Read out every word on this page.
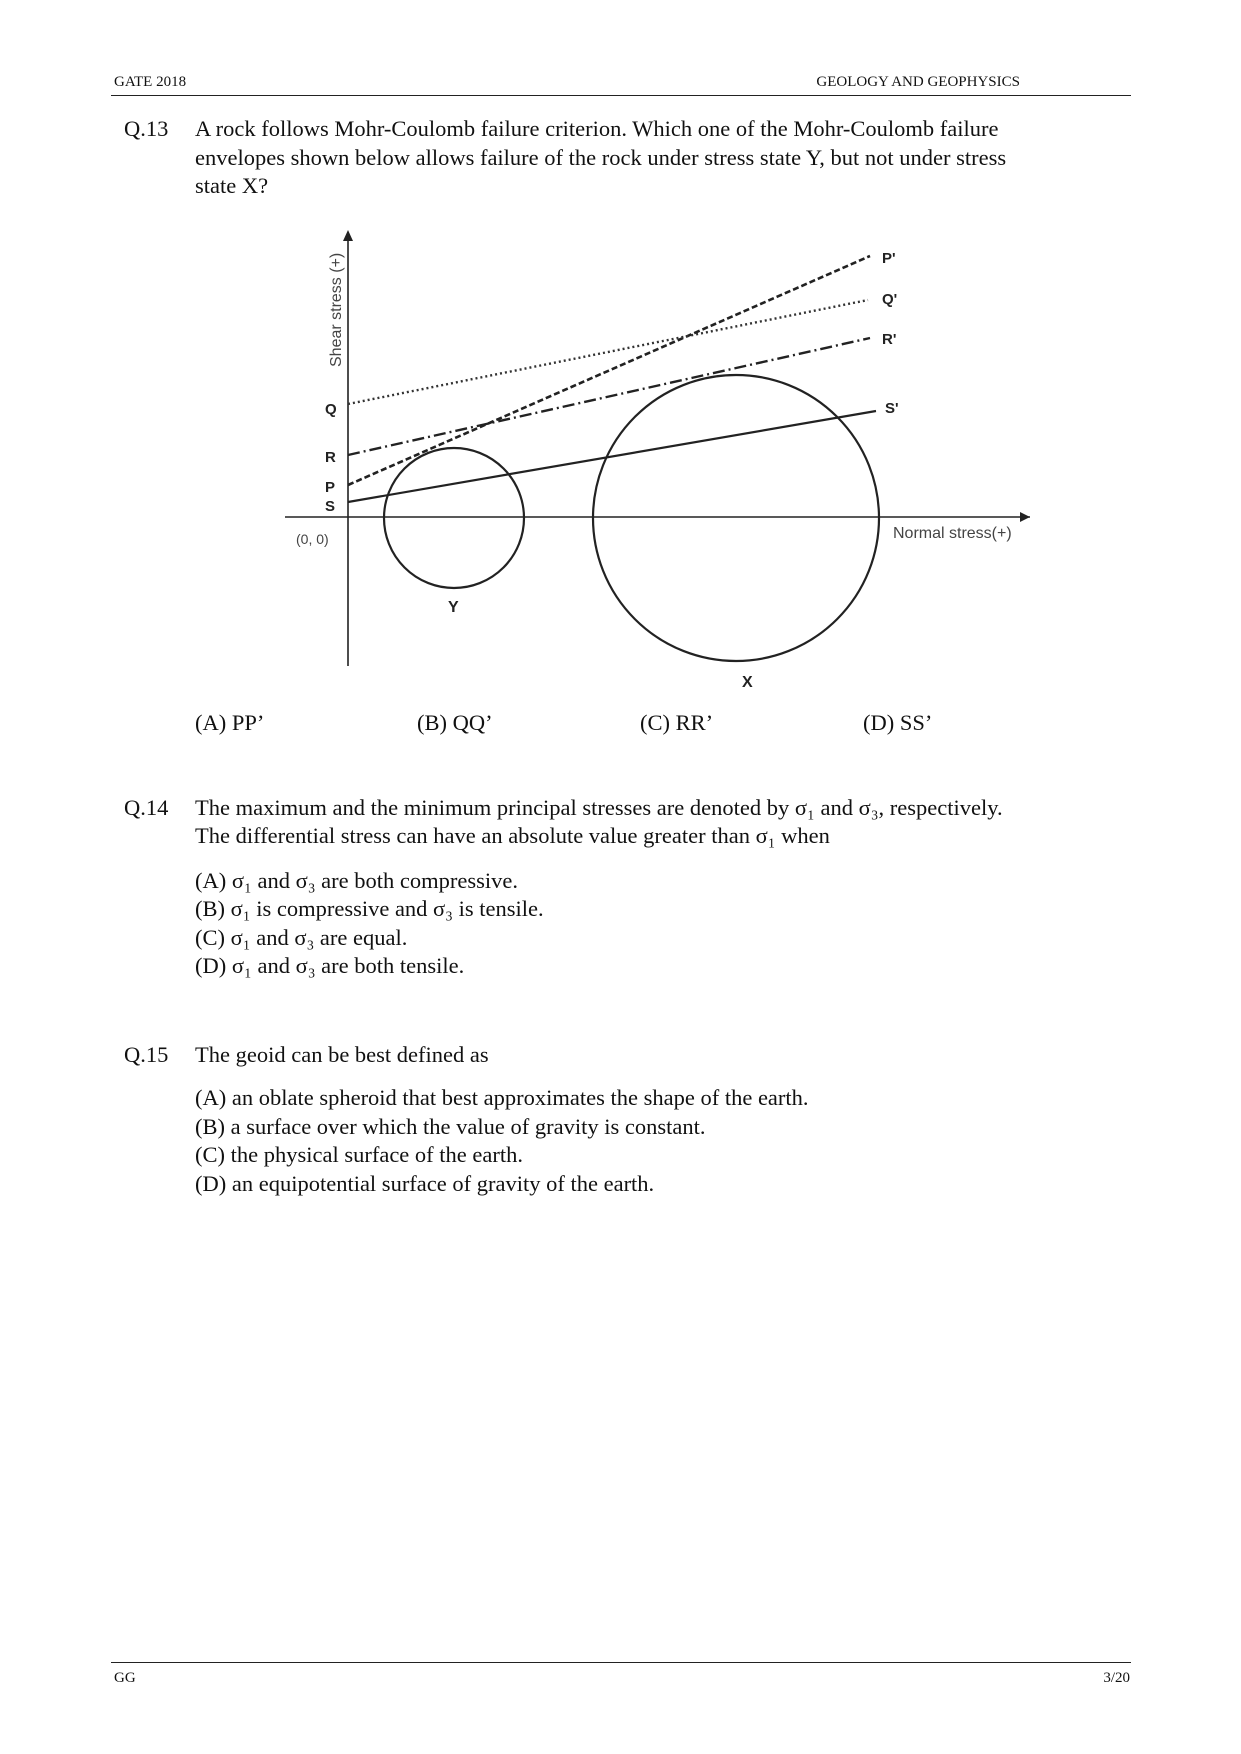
GATE 2018	GEOLOGY AND GEOPHYSICS
Q.13 A rock follows Mohr-Coulomb failure criterion. Which one of the Mohr-Coulomb failure
envelopes shown below allows failure of the rock under stress state Y, but not under stress
state X?
Shear stress (+)
Normal stress(+)
(0, 0)
Q
R
P
S
P'
Q'
R'
S'
Y
X
(A) PP’	(B) QQ’	(C) RR’	(D) SS’
Q.14 The maximum and the minimum principal stresses are denoted by σ₁ and σ₃, respectively.
The differential stress can have an absolute value greater than σ₁ when
(A) σ₁ and σ₃ are both compressive.
(B) σ₁ is compressive and σ₃ is tensile.
(C) σ₁ and σ₃ are equal.
(D) σ₁ and σ₃ are both tensile.
Q.15 The geoid can be best defined as
(A) an oblate spheroid that best approximates the shape of the earth.
(B) a surface over which the value of gravity is constant.
(C) the physical surface of the earth.
(D) an equipotential surface of gravity of the earth.
GG	3/20
